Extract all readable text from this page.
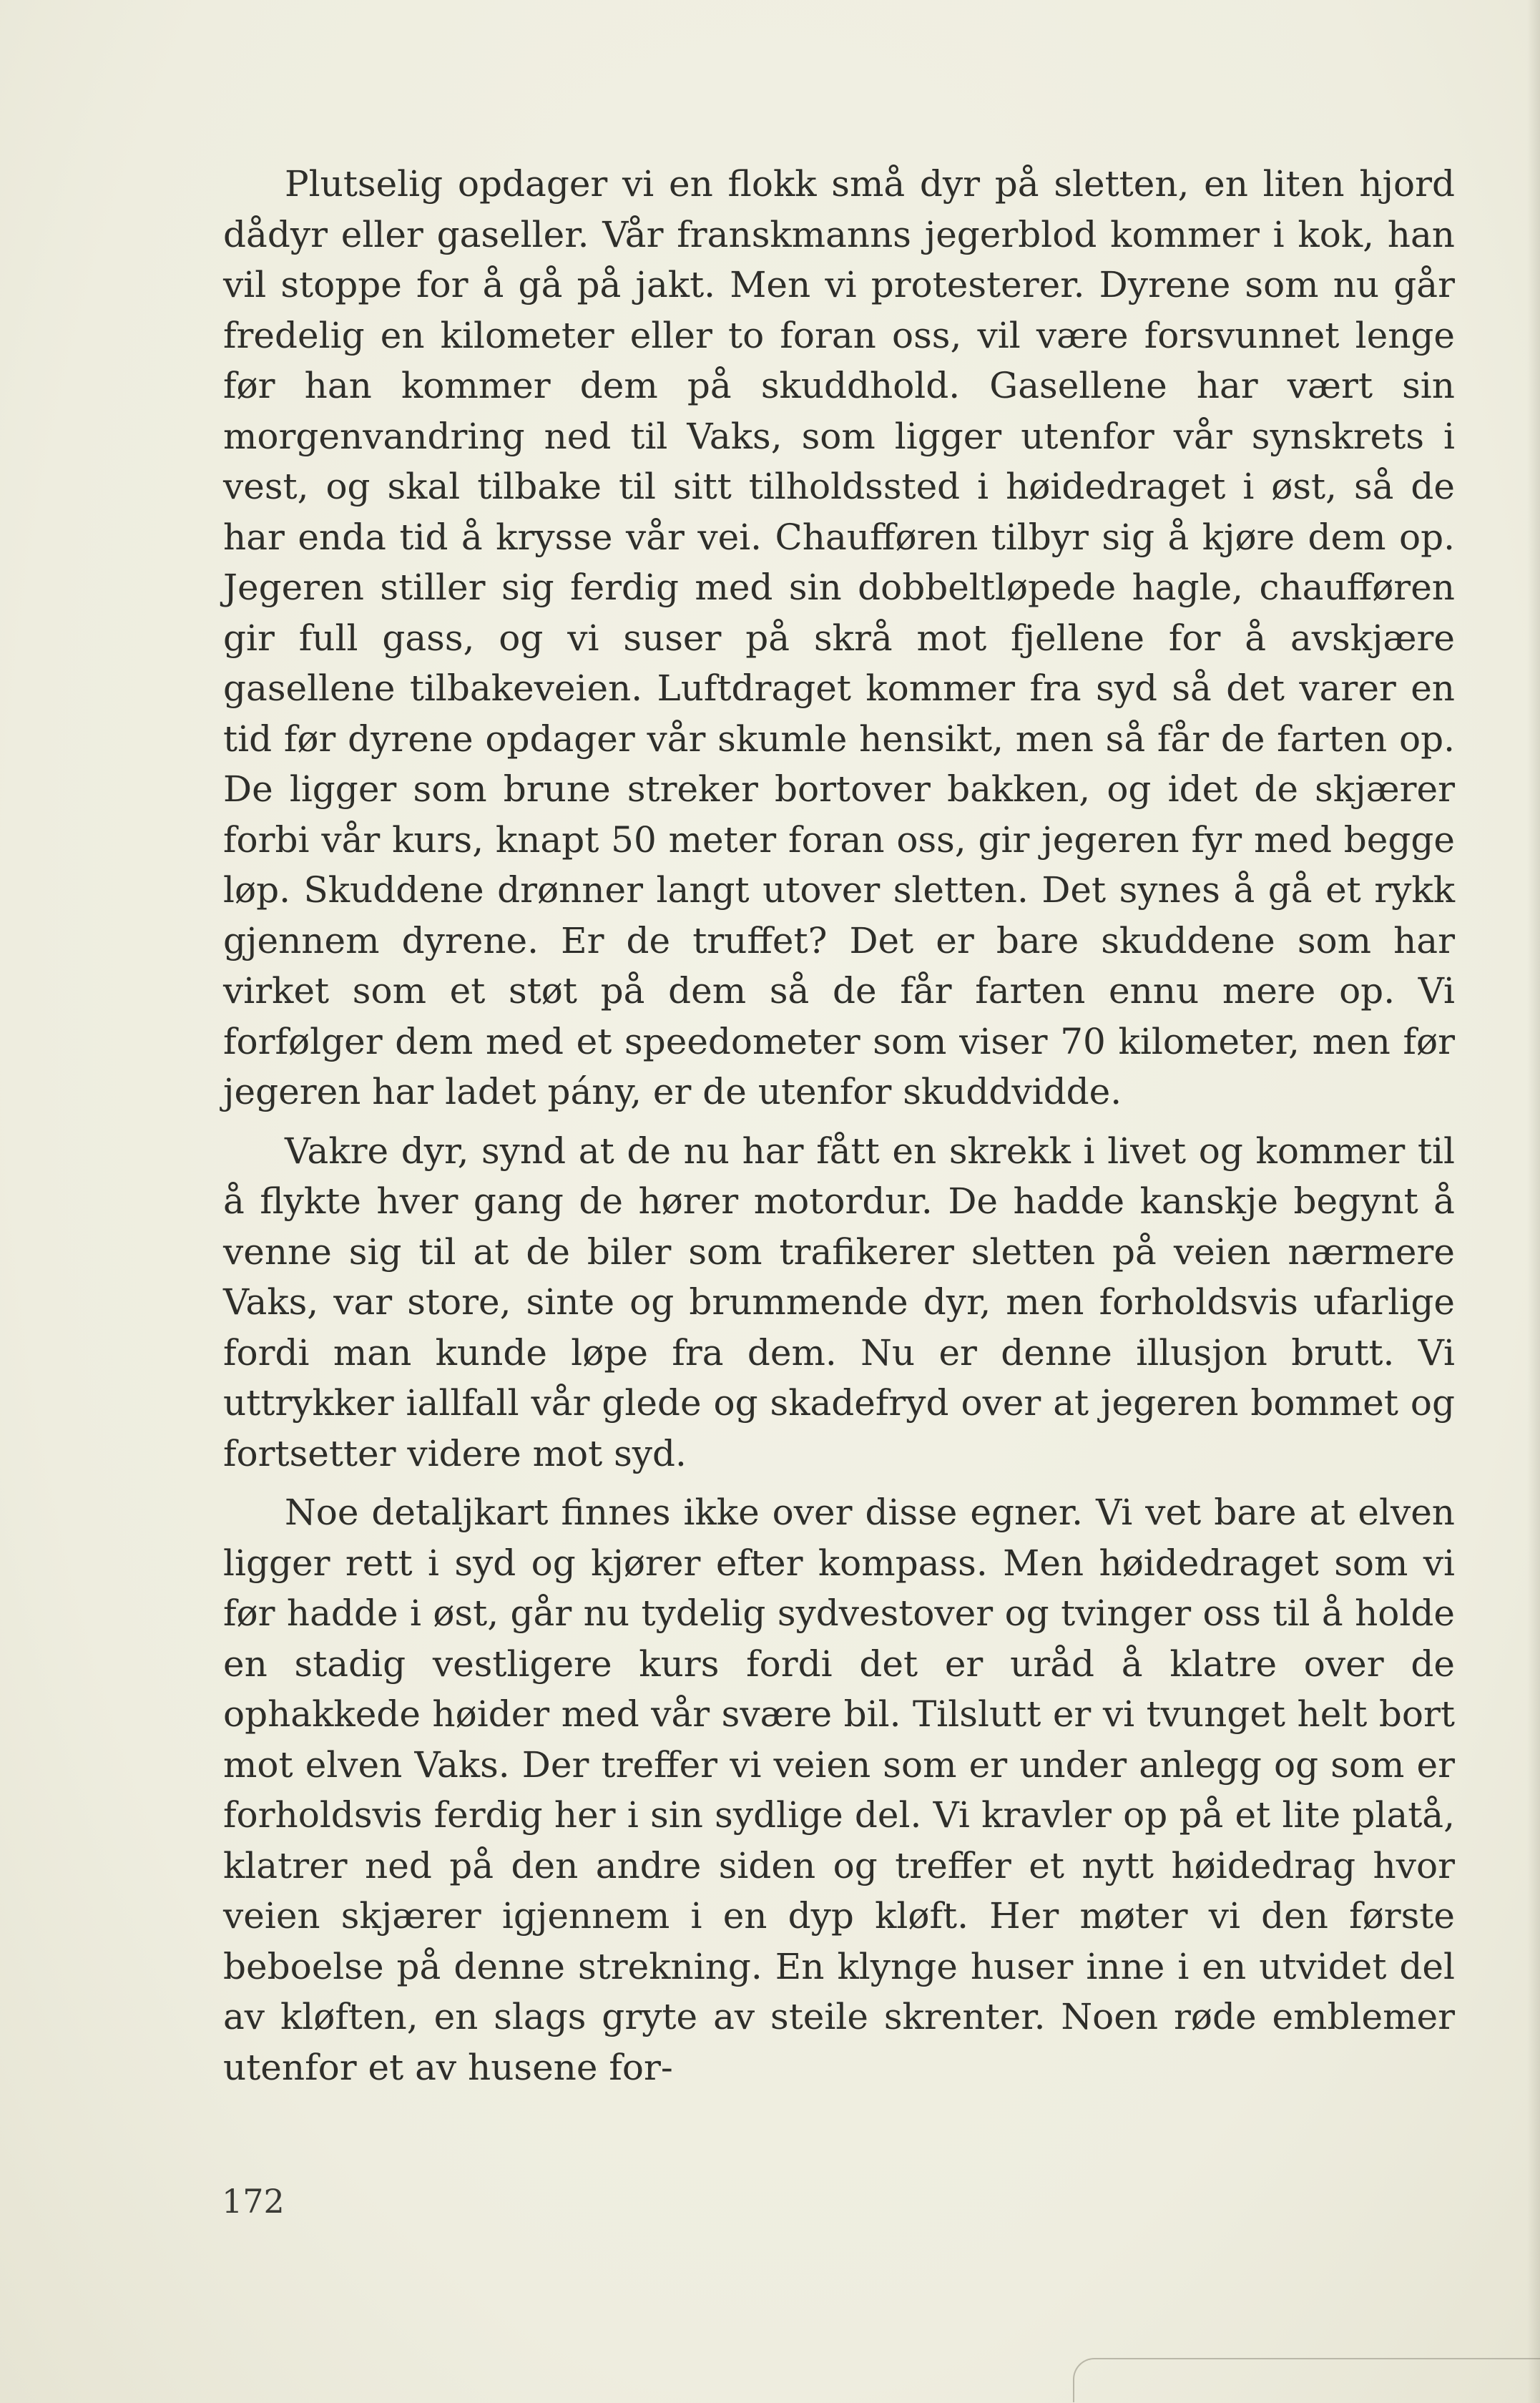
Plutselig opdager vi en flokk små dyr på sletten, en liten hjord dådyr eller gaseller. Vår franskmanns jegerblod kommer i kok, han vil stoppe for å gå på jakt. Men vi protesterer. Dyrene som nu går fredelig en kilometer eller to foran oss, vil være forsvunnet lenge før han kommer dem på skuddhold. Gasellene har vært sin morgenvandring ned til Vaks, som ligger utenfor vår synskrets i vest, og skal tilbake til sitt tilholdssted i høidedraget i øst, så de har enda tid å krysse vår vei. Chaufføren tilbyr sig å kjøre dem op. Jegeren stiller sig ferdig med sin dobbeltløpede hagle, chaufføren gir full gass, og vi suser på skrå mot fjellene for å avskjære gasellene tilbakeveien. Luftdraget kommer fra syd så det varer en tid før dyrene opdager vår skumle hensikt, men så får de farten op. De ligger som brune streker bortover bakken, og idet de skjærer forbi vår kurs, knapt 50 meter foran oss, gir jegeren fyr med begge løp. Skuddene drønner langt utover sletten. Det synes å gå et rykk gjennem dyrene. Er de truffet? Det er bare skuddene som har virket som et støt på dem så de får farten ennu mere op. Vi forfølger dem med et speedometer som viser 70 kilometer, men før jegeren har ladet pány, er de utenfor skuddvidde.

Vakre dyr, synd at de nu har fått en skrekk i livet og kommer til å flykte hver gang de hører motordur. De hadde kanskje begynt å venne sig til at de biler som trafikerer sletten på veien nærmere Vaks, var store, sinte og brummende dyr, men forholdsvis ufarlige fordi man kunde løpe fra dem. Nu er denne illusjon brutt. Vi uttrykker iallfall vår glede og skadefryd over at jegeren bommet og fortsetter videre mot syd.

Noe detaljkart finnes ikke over disse egner. Vi vet bare at elven ligger rett i syd og kjører efter kompass. Men høidedraget som vi før hadde i øst, går nu tydelig sydvestover og tvinger oss til å holde en stadig vestligere kurs fordi det er uråd å klatre over de ophakkede høider med vår svære bil. Tilslutt er vi tvunget helt bort mot elven Vaks. Der treffer vi veien som er under anlegg og som er forholdsvis ferdig her i sin sydlige del. Vi kravler op på et lite platå, klatrer ned på den andre siden og treffer et nytt høidedrag hvor veien skjærer igjennem i en dyp kløft. Her møter vi den første beboelse på denne strekning. En klynge huser inne i en utvidet del av kløften, en slags gryte av steile skrenter. Noen røde emblemer utenfor et av husene for-

172
